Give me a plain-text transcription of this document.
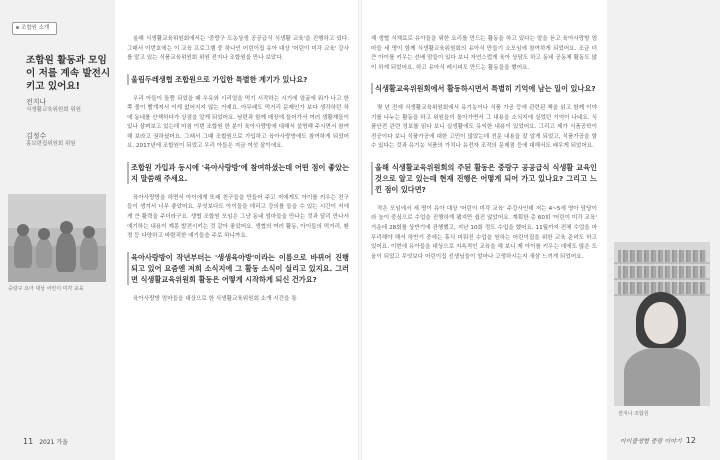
조합원 소개
조합원 활동과 모임이 저를 계속 발전시키고 있어요!
전지나
식생활교육위원회 위원
김정수
홍보편집위원회 위원
중랑구 요아 대상 어린이 미각 교육
11 2021 가을

올해 식생활교육위원회에서는 '중랑구 도농상생 공공급식 식생활 교육'을 진행하고 있다. 그래서 이번호에는 이 교육 프로그램 중 하나인 어린이집 유아 대상 '어린이 미각 교육' 강사를 맡고 있는 식품교육위원회 위원 전지나 조합원을 만나 보았다.

울림두레생협 조합원으로 가입한 특별한 계기가 있나요?

우리 아들이 돌쯤 되었을 때 우유와 시리얼을 먹기 시작하는 시기에 얼굴에 뭐가 나고 한쪽 볼이 빨개져서 이게 없어지지 않는 거예요. 아무래도 먹거리 문제인가 보다 생각하던 차에 동네를 산책하다가 상점을 알게 되었어요. 남편과 함께 매장에 들어가서 여러 생활재들이 있나 살펴보고 있는데 마침 이번 조합원 한 분이 육아사랑방에 대해서 설명해 주시면서 참여해 보라고 권하셨어요. 그래서 그때 조합원으로 가입하고 육아사랑방에도 참여하게 되었어요. 2017년에 조합원이 되었고 우리 아들은 지금 여섯 살이에요.

조합원 가입과 동시에 '육아사랑방'에 참여하셨는데 어떤 점이 좋았는지 말씀해 주세요.

육아사랑방을 하면서 아이에게 또래 친구들을 만들어 주고 저에게도 아이를 키우는 친구들이 생겨서 너무 좋았어요. 무엇보다도 아이들을 데리고 강의를 들을 수 있는 시간이 저에게 큰 활력을 주더라구요. 생협 조합원 모임은 그냥 동네 엄마들을 만나는 것과 달리 만나서 얘기하는 내용이 계몽 발전시키는 것 같아 좋았어요. 생협의 여러 활동, 아이들의 먹거리, 환경 등 다양하고 바람직한 얘기들을 주로 하니까요.

육아사랑방이 작년부터는 '생생육아방'이라는 이름으로 바뀌어 진행되고 있어 요즘엔 저희 소식지에 그 활동 소식이 실리고 있지요. 그러면 식생활교육위원회 활동은 어떻게 시작하게 되신 건가요?

육아사랑방 엄마들을 대상으로 한 식생활교육위원회 소개 시간을 통

해 생협 식재료로 유아들을 위한 요리를 만드는 활동을 하고 있다는 말을 듣고 육아사랑방 엄마들 세 명이 함께 식생활교육위원회의 유아식 만들기 소모임에 참여하게 되었어요. 조금 더 큰 아이를 키우는 선배 맘들이 있다 보니 자연스럽게 육아 상담도 하고 동네 공동체 활동도 많이 하게 되었어요. 하고 유아식 레시피도 만드는 활동들을 했어요.

식생활교육위원회에서 활동하시면서 특별히 기억에 남는 일이 있나요?

몇 년 전에 식생활교육위원회에서 유기농이나 식품 가공 등에 관련된 책을 읽고 함께 이야기를 나누는 활동을 하고 위원들이 돌아가면서 그 내용을 소식지에 실었던 기억이 나네요. 식품안전 관련 정보를 읽다 보니 실생활에도 유익한 내용이 있었어요. 그리고 제가 식품공학이 전공이다 보니 식품가공에 대한 고민이 많았는데 전문 내용을 잘 알게 되었고, 식품가공을 할 수 있다는 것과 유기농 식품의 가치나 유전자 조작의 문제점 등에 대해서도 배우게 되었어요.

올해 식생활교육위원회의 주된 활동은 중랑구 공공급식 식생활 교육인 것으로 알고 있는데 현재 진행은 어떻게 되어 가고 있나요? 그리고 느낀 점이 있다면?

작은 모임에서 세 명이 유아 대상 '어린이 미각 교육' 주강사인데 저는 4~5세 영아 담당이라 놀이 중심으로 수업을 진행하게 됐지만 쉽진 않았어요. 계획한 총 60회 '어린이 미각 교육' 가운데 28회를 상반기에 진행했고, 지난 10회 정도 수업을 했어요. 11월까지 전체 수업을 마무리해야 해서 하반기 중에는 휴식 미뤄진 수업을 원하는 어린이집을 위한 교육 준비도 하고 있어요. 이번에 유아들을 대상으로 지속적인 교육을 해 보니 제 아이를 키우는 데에도 많은 도움이 되었고 무엇보다 어린이집 선생님들이 얼마나 고생하시는지 새삼 느끼게 되었어요.

전지나 조합원
아이쿱생협 중랑 이야기 12
